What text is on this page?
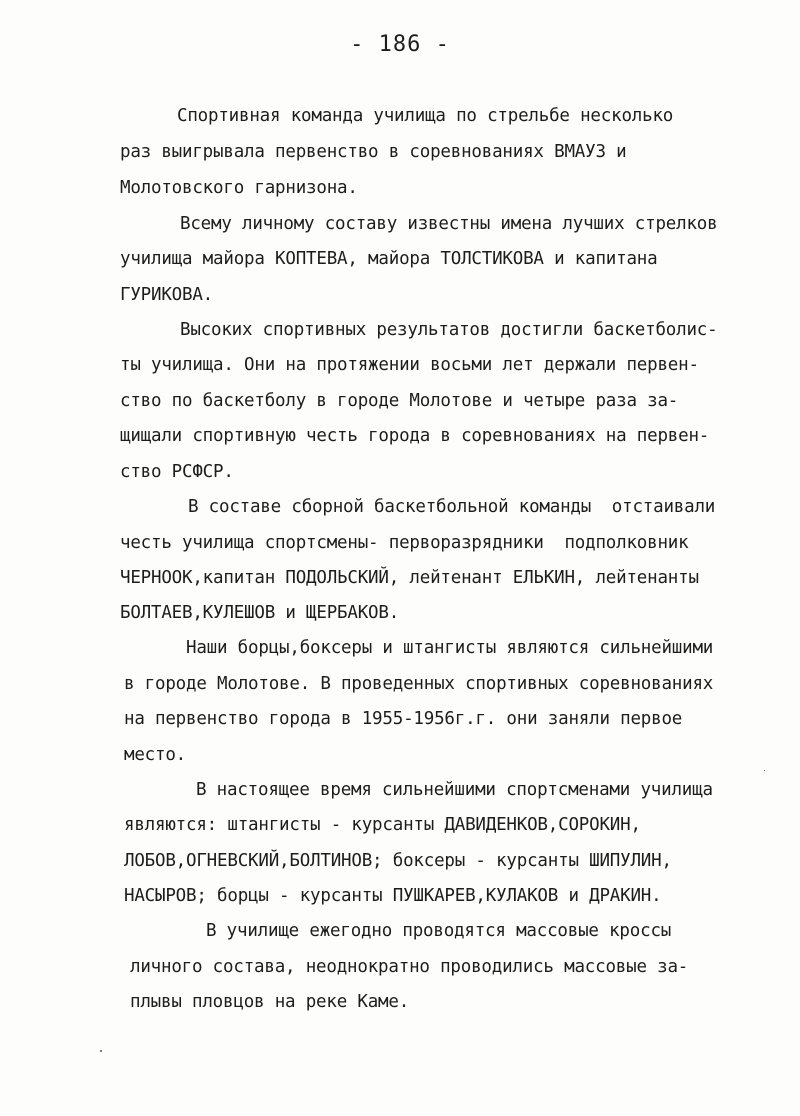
- 186 -
Спортивная команда училища по стрельбе несколько
раз выигрывала первенство в соревнованиях ВМАУЗ и
Молотовского гарнизона.
Всему личному составу известны имена лучших стрелков
училища майора КОПТЕВА, майора ТОЛСТИКОВА и капитана
ГУРИКОВА.
Высоких спортивных результатов достигли баскетболис-
ты училища. Они на протяжении восьми лет держали первен-
ство по баскетболу в городе Молотове и четыре раза за-
щищали спортивную честь города в соревнованиях на первен-
ство РСФСР.
В составе сборной баскетбольной команды  отстаивали
честь училища спортсмены- перворазрядники  подполковник
ЧЕРНООК,капитан ПОДОЛЬСКИЙ, лейтенант ЕЛЬКИН, лейтенанты
БОЛТАЕВ,КУЛЕШОВ и ЩЕРБАКОВ.
Наши борцы,боксеры и штангисты являются сильнейшими
в городе Молотове. В проведенных спортивных соревнованиях
на первенство города в 1955-1956г.г. они заняли первое
место.
В настоящее время сильнейшими спортсменами училища
являются: штангисты - курсанты ДАВИДЕНКОВ,СОРОКИН,
ЛОБОВ,ОГНЕВСКИЙ,БОЛТИНОВ; боксеры - курсанты ШИПУЛИН,
НАСЫРОВ; борцы - курсанты ПУШКАРЕВ,КУЛАКОВ и ДРАКИН.
В училище ежегодно проводятся массовые кроссы
личного состава, неоднократно проводились массовые за-
плывы пловцов на реке Каме.
